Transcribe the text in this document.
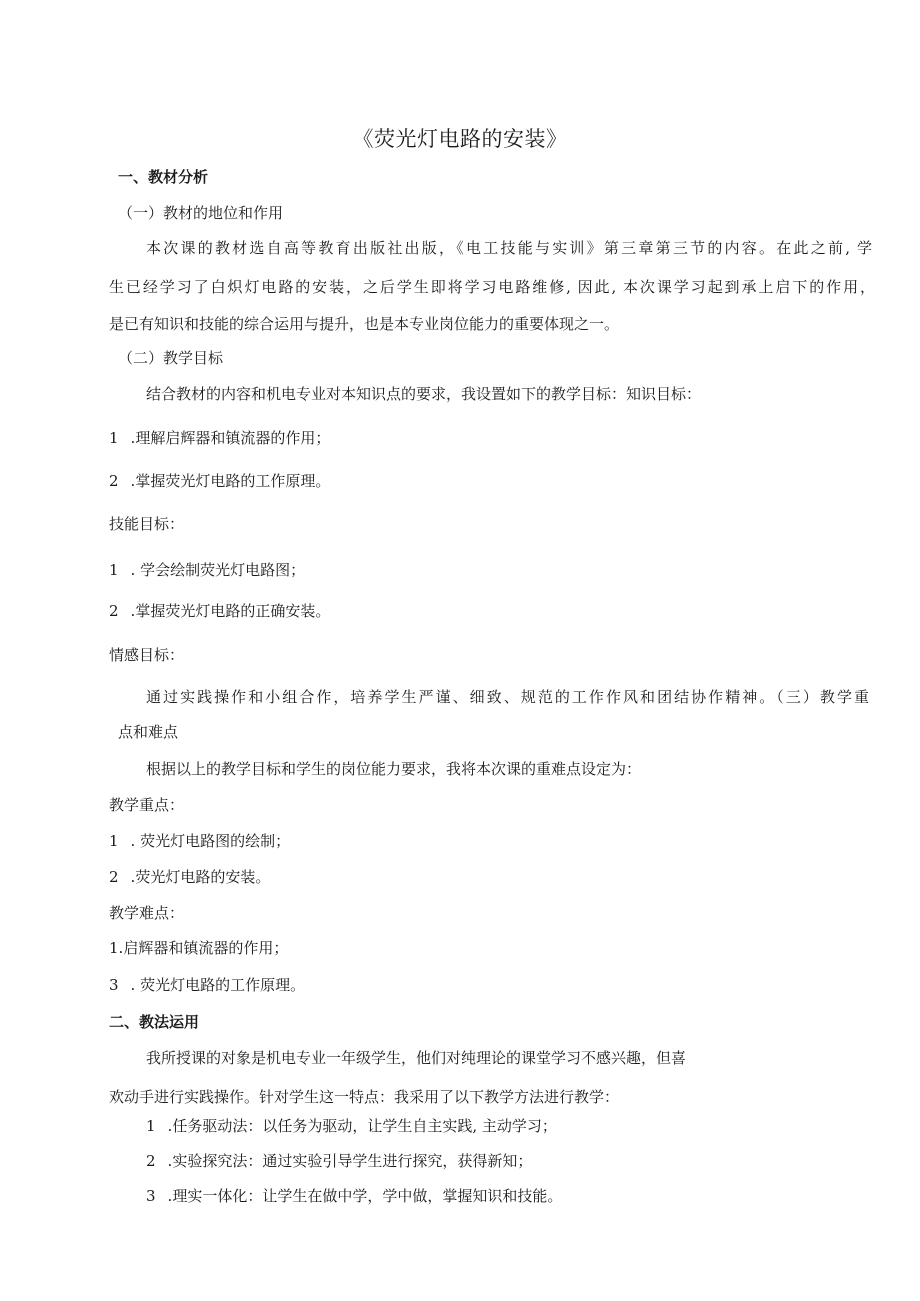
《荧光灯电路的安装》
一、教材分析
（一）教材的地位和作用
本次课的教材选自高等教育出版社出版，《电工技能与实训》第三章第三节的内容。在此之前, 学
生已经学习了白炽灯电路的安装，之后学生即将学习电路维修, 因此, 本次课学习起到承上启下的作用，
是已有知识和技能的综合运用与提升，也是本专业岗位能力的重要体现之一。
（二）教学目标
结合教材的内容和机电专业对本知识点的要求，我设置如下的教学目标：知识目标：
1 .理解启辉器和镇流器的作用；
2 .掌握荧光灯电路的工作原理。
技能目标：
1 . 学会绘制荧光灯电路图；
2 .掌握荧光灯电路的正确安装。
情感目标：
通过实践操作和小组合作，培养学生严谨、细致、规范的工作作风和团结协作精神。（三）教学重
点和难点
根据以上的教学目标和学生的岗位能力要求，我将本次课的重难点设定为：
教学重点：
1 . 荧光灯电路图的绘制；
2 .荧光灯电路的安装。
教学难点：
1.启辉器和镇流器的作用；
3 . 荧光灯电路的工作原理。
二、教法运用
我所授课的对象是机电专业一年级学生，他们对纯理论的课堂学习不感兴趣，但喜
欢动手进行实践操作。针对学生这一特点：我采用了以下教学方法进行教学：
1 .任务驱动法：以任务为驱动，让学生自主实践, 主动学习；
2 .实验探究法：通过实验引导学生进行探究，获得新知；
3 .理实一体化：让学生在做中学，学中做，掌握知识和技能。
